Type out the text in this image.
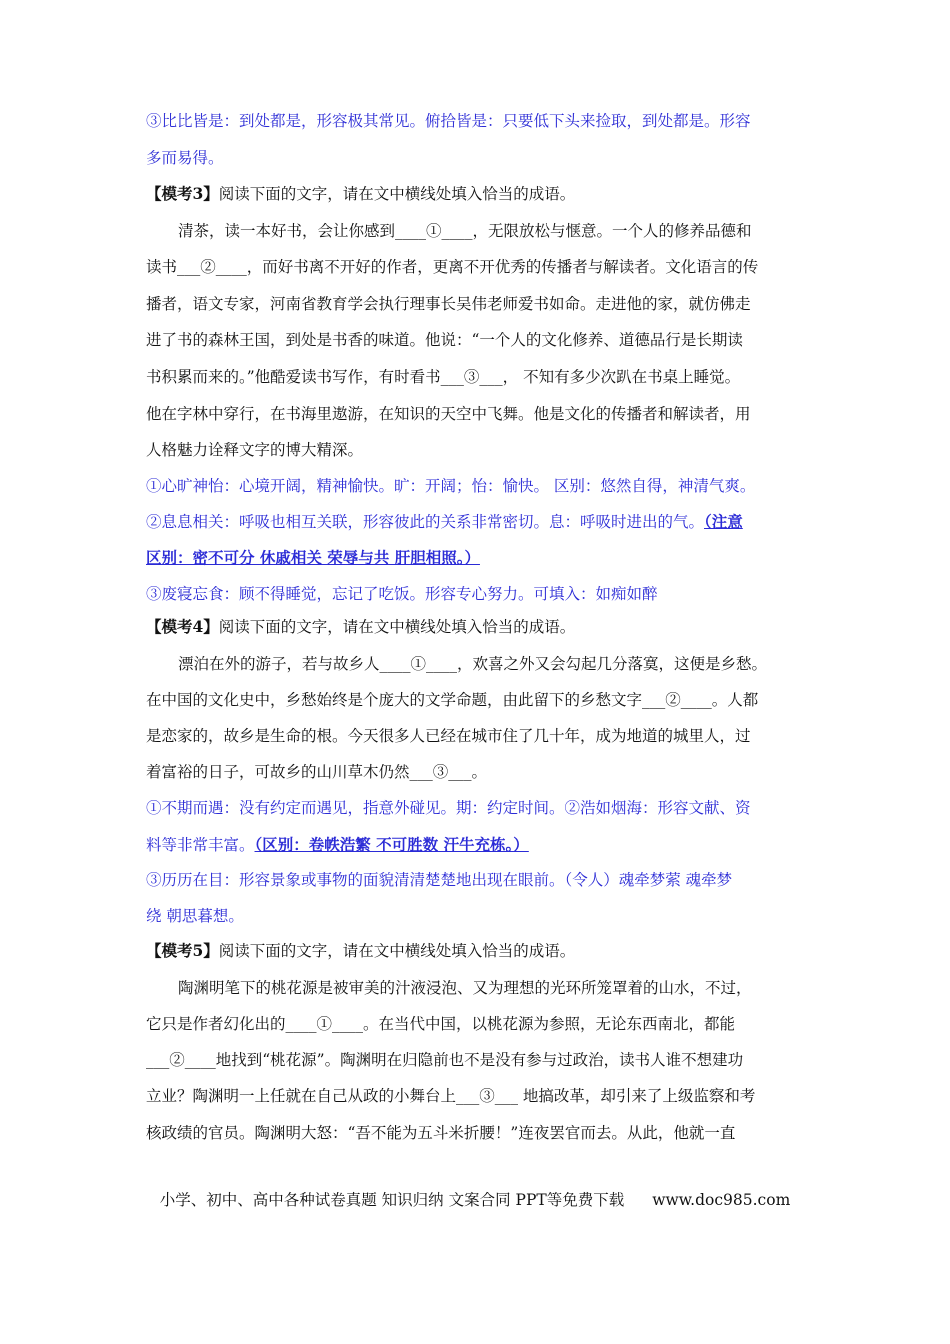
③比比皆是：到处都是，形容极其常见。俯拾皆是：只要低下头来捡取，到处都是。形容
多而易得。
【模考3】阅读下面的文字，请在文中横线处填入恰当的成语。
清茶，读一本好书，会让你感到____①____，无限放松与惬意。一个人的修养品德和
读书___②____，而好书离不开好的作者，更离不开优秀的传播者与解读者。文化语言的传
播者，语文专家，河南省教育学会执行理事长吴伟老师爱书如命。走进他的家，就仿佛走
进了书的森林王国，到处是书香的味道。他说：“一个人的文化修养、道德品行是长期读
书积累而来的。”他酷爱读书写作，有时看书___③___， 不知有多少次趴在书桌上睡觉。
他在字林中穿行，在书海里遨游，在知识的天空中飞舞。他是文化的传播者和解读者，用
人格魅力诠释文字的博大精深。
①心旷神怡：心境开阔，精神愉快。旷：开阔；怡：愉快。 区别：悠然自得，神清气爽。
②息息相关：呼吸也相互关联，形容彼此的关系非常密切。息：呼吸时进出的气。（注意
区别：密不可分 休戚相关 荣辱与共 肝胆相照。）
③废寝忘食：顾不得睡觉，忘记了吃饭。形容专心努力。可填入：如痴如醉
【模考4】阅读下面的文字，请在文中横线处填入恰当的成语。
漂泊在外的游子，若与故乡人____①____，欢喜之外又会勾起几分落寞，这便是乡愁。
在中国的文化史中，乡愁始终是个庞大的文学命题，由此留下的乡愁文字___②____。人都
是恋家的，故乡是生命的根。今天很多人已经在城市住了几十年，成为地道的城里人，过
着富裕的日子，可故乡的山川草木仍然___③___。
①不期而遇：没有约定而遇见，指意外碰见。期：约定时间。②浩如烟海：形容文献、资
料等非常丰富。（区别：卷帙浩繁 不可胜数 汗牛充栋。）
③历历在目：形容景象或事物的面貌清清楚楚地出现在眼前。（令人）魂牵梦萦 魂牵梦
绕 朝思暮想。
【模考5】阅读下面的文字，请在文中横线处填入恰当的成语。
陶渊明笔下的桃花源是被审美的汁液浸泡、又为理想的光环所笼罩着的山水，不过，
它只是作者幻化出的____①____。在当代中国，以桃花源为参照，无论东西南北，都能
___②____地找到“桃花源”。陶渊明在归隐前也不是没有参与过政治，读书人谁不想建功
立业？陶渊明一上任就在自己从政的小舞台上___③___ 地搞改革，却引来了上级监察和考
核政绩的官员。陶渊明大怒：“吾不能为五斗米折腰！”连夜罢官而去。从此，他就一直
小学、初中、高中各种试卷真题 知识归纳 文案合同 PPT等免费下载 www.doc985.com
